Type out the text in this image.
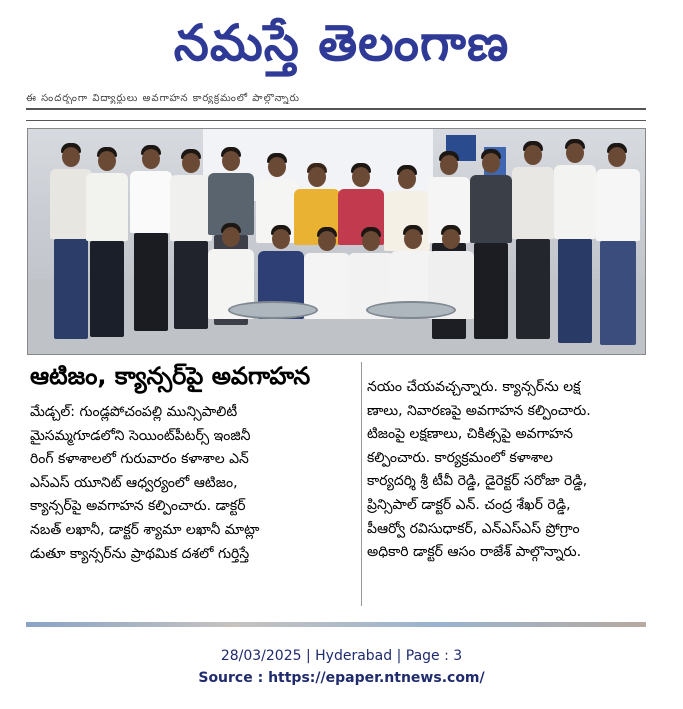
నమస్తే తెలంగాణ
ఈ సందర్భంగా విద్యార్థులు అవగాహన కార్యక్రమంలో పాల్గొన్నారు
ఆటిజం, క్యాన్సర్‌పై అవగాహన
మేడ్చల్: గుండ్లపోచంపల్లి మున్సిపాలిటీ
మైసమ్మగూడలోని సెయింట్‌పీటర్స్ ఇంజినీ
రింగ్ కళాశాలలో గురువారం కళాశాల ఎన్
ఎస్ఎస్ యూనిట్ ఆధ్వర్యంలో ఆటిజం,
క్యాన్సర్‌పై అవగాహన కల్పించారు. డాక్టర్
నబత్ లఖానీ, డాక్టర్ శ్యామా లఖానీ మాట్లా
డుతూ క్యాన్సర్‌ను ప్రాథమిక దశలో గుర్తిస్తే
నయం చేయవచ్చన్నారు. క్యాన్సర్‌ను లక్ష
ణాలు, నివారణపై అవగాహన కల్పించారు.
టిజంపై లక్షణాలు, చికిత్సపై అవగాహన
కల్పించారు. కార్యక్రమంలో కళాశాల
కార్యదర్శి శ్రీ టీవీ రెడ్డి, డైరెక్టర్ సరోజా రెడ్డి,
ప్రిన్సిపాల్ డాక్టర్ ఎన్. చంద్ర శేఖర్ రెడ్డి,
పీఆర్వో రవిసుధాకర్, ఎన్ఎస్ఎస్ ప్రోగ్రాం
అధికారి డాక్టర్ ఆసం రాజేశ్ పాల్గొన్నారు.
28/03/2025 | Hyderabad | Page : 3
Source : https://epaper.ntnews.com/
